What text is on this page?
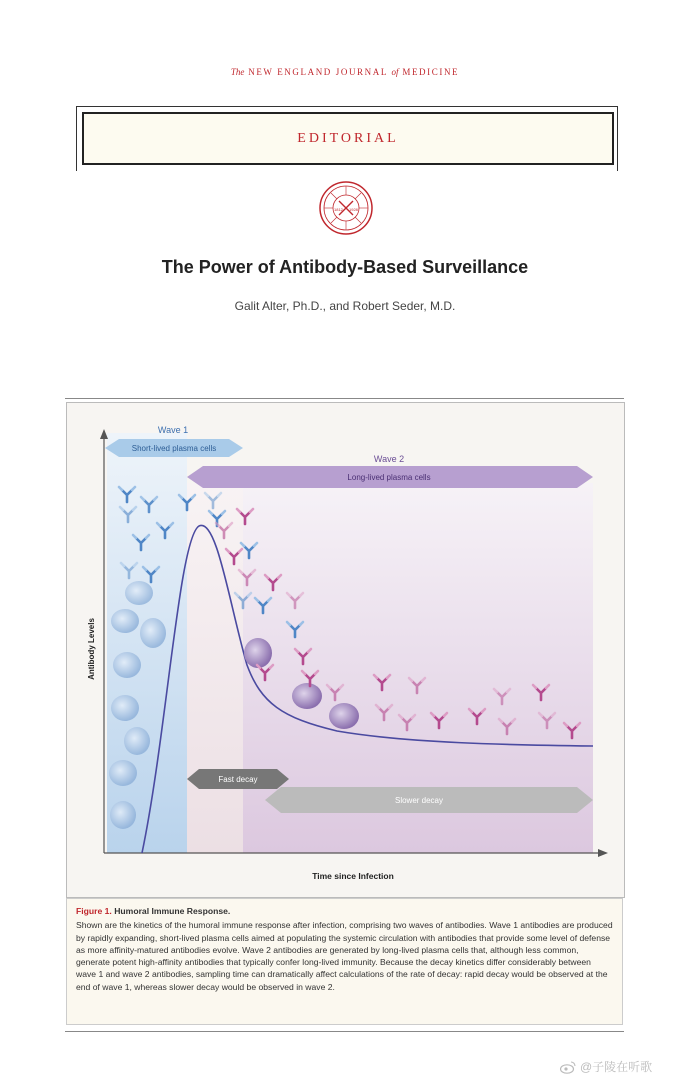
The NEW ENGLAND JOURNAL of MEDICINE
EDITORIAL
1812 1928
The Power of Antibody-Based Surveillance
Galit Alter, Ph.D., and Robert Seder, M.D.
Wave 1
Short-lived plasma cells
Wave 2
Long-lived plasma cells
Fast decay
Slower decay
Antibody Levels
Time since Infection
Figure 1. Humoral Immune Response.
Shown are the kinetics of the humoral immune response after infection, comprising two waves of antibodies. Wave 1 antibodies are produced by rapidly expanding, short-lived plasma cells aimed at populating the systemic circulation with antibodies that provide some level of defense as more affinity-matured antibodies evolve. Wave 2 antibodies are generated by long-lived plasma cells that, although less common, generate potent high-affinity antibodies that typically confer long-lived immunity. Because the decay kinetics differ considerably between wave 1 and wave 2 antibodies, sampling time can dramatically affect calculations of the rate of decay: rapid decay would be observed at the end of wave 1, whereas slower decay would be observed in wave 2.
@子陵在听歌
